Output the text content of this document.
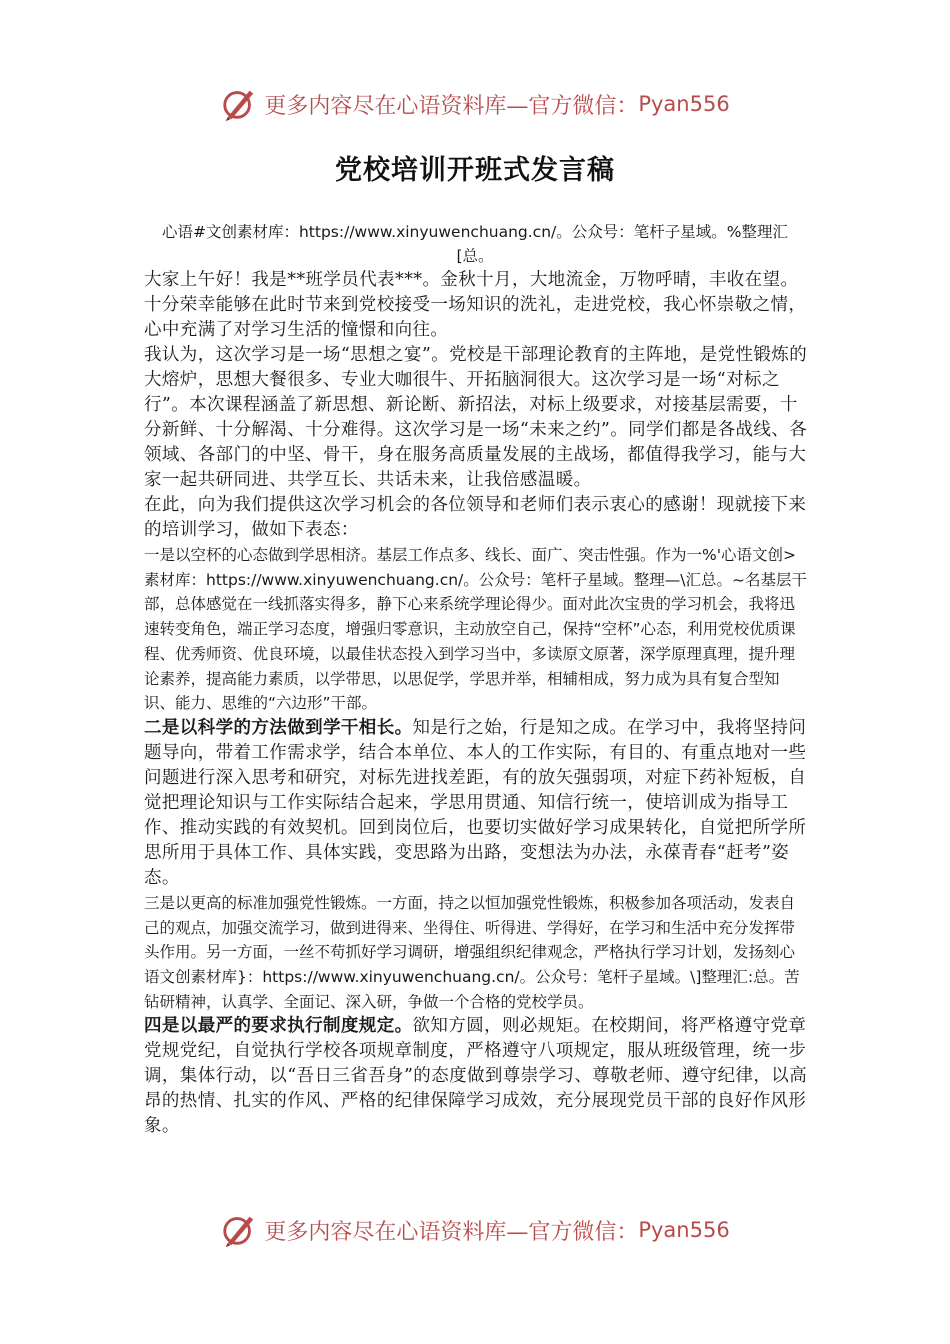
更多内容尽在心语资料库—官方微信： Pyan556
党校培训开班式发言稿
心语#文创素材库：https://www.xinyuwenchuang.cn/。公众号：笔杆子星域。%整理汇[总。

大家上午好！我是**班学员代表***。金秋十月，大地流金，万物呼晴，丰收在望。十分荣幸能够在此时节来到党校接受一场知识的洗礼，走进党校，我心怀崇敬之情，心中充满了对学习生活的憧憬和向往。

我认为，这次学习是一场“思想之宴”。党校是干部理论教育的主阵地，是党性锻炼的大熔炉，思想大餐很多、专业大咖很牛、开拓脑洞很大。这次学习是一场“对标之行”。本次课程涵盖了新思想、新论断、新招法，对标上级要求，对接基层需要，十分新鲜、十分解渴、十分难得。这次学习是一场“未来之约”。同学们都是各战线、各领域、各部门的中坚、骨干，身在服务高质量发展的主战场，都值得我学习，能与大家一起共研同进、共学互长、共话未来，让我倍感温暖。

在此，向为我们提供这次学习机会的各位领导和老师们表示衷心的感谢！现就接下来的培训学习，做如下表态：

一是以空杯的心态做到学思相济。基层工作点多、线长、面广、突击性强。作为一%'心语文创>素材库：https://www.xinyuwenchuang.cn/。公众号：笔杆子星域。整理—\汇总。~名基层干部，总体感觉在一线抓落实得多，静下心来系统学理论得少。面对此次宝贵的学习机会，我将迅速转变角色，端正学习态度，增强归零意识，主动放空自己，保持“空杯”心态，利用党校优质课程、优秀师资、优良环境，以最佳状态投入到学习当中，多读原文原著，深学原理真理，提升理论素养，提高能力素质，以学带思，以思促学，学思并举，相辅相成，努力成为具有复合型知识、能力、思维的“六边形”干部。

二是以科学的方法做到学干相长。知是行之始，行是知之成。在学习中，我将坚持问题导向，带着工作需求学，结合本单位、本人的工作实际，有目的、有重点地对一些问题进行深入思考和研究，对标先进找差距，有的放矢强弱项，对症下药补短板，自觉把理论知识与工作实际结合起来，学思用贯通、知信行统一，使培训成为指导工作、推动实践的有效契机。回到岗位后，也要切实做好学习成果转化，自觉把所学所思所用于具体工作、具体实践，变思路为出路，变想法为办法，永葆青春“赶考”姿态。

三是以更高的标准加强党性锻炼。一方面，持之以恒加强党性锻炼，积极参加各项活动，发表自己的观点，加强交流学习，做到进得来、坐得住、听得进、学得好，在学习和生活中充分发挥带头作用。另一方面，一丝不苟抓好学习调研，增强组织纪律观念，严格执行学习计划，发扬刻心语文创素材库}：https://www.xinyuwenchuang.cn/。公众号：笔杆子星域。\]整理汇:总。苦钻研精神，认真学、全面记、深入研，争做一个合格的党校学员。

四是以最严的要求执行制度规定。欲知方圆，则必规矩。在校期间，将严格遵守党章党规党纪，自觉执行学校各项规章制度，严格遵守八项规定，服从班级管理，统一步调，集体行动，以“吾日三省吾身”的态度做到尊崇学习、尊敬老师、遵守纪律，以高昂的热情、扎实的作风、严格的纪律保障学习成效，充分展现党员干部的良好作风形象。

更多内容尽在心语资料库—官方微信： Pyan556
